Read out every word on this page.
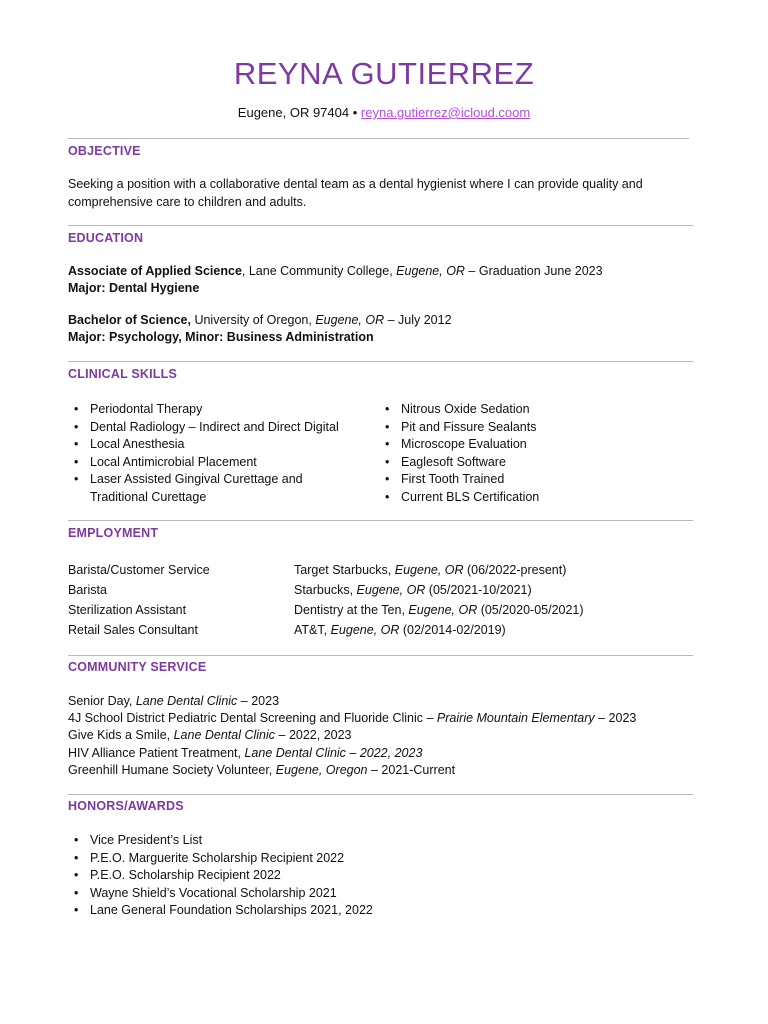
REYNA GUTIERREZ
Eugene, OR 97404 • reyna.gutierrez@icloud.coom
OBJECTIVE
Seeking a position with a collaborative dental team as a dental hygienist where I can provide quality and comprehensive care to children and adults.
EDUCATION
Associate of Applied Science, Lane Community College, Eugene, OR – Graduation June 2023
Major: Dental Hygiene
Bachelor of Science, University of Oregon, Eugene, OR – July 2012
Major: Psychology, Minor: Business Administration
CLINICAL SKILLS
• Periodontal Therapy
• Dental Radiology – Indirect and Direct Digital
• Local Anesthesia
• Local Antimicrobial Placement
• Laser Assisted Gingival Curettage and Traditional Curettage
• Nitrous Oxide Sedation
• Pit and Fissure Sealants
• Microscope Evaluation
• Eaglesoft Software
• First Tooth Trained
• Current BLS Certification
EMPLOYMENT
Barista/Customer Service	Target Starbucks, Eugene, OR (06/2022-present)
Barista	Starbucks, Eugene, OR (05/2021-10/2021)
Sterilization Assistant	Dentistry at the Ten, Eugene, OR (05/2020-05/2021)
Retail Sales Consultant	AT&T, Eugene, OR (02/2014-02/2019)
COMMUNITY SERVICE
Senior Day, Lane Dental Clinic – 2023
4J School District Pediatric Dental Screening and Fluoride Clinic – Prairie Mountain Elementary – 2023
Give Kids a Smile, Lane Dental Clinic – 2022, 2023
HIV Alliance Patient Treatment, Lane Dental Clinic – 2022, 2023
Greenhill Humane Society Volunteer, Eugene, Oregon – 2021-Current
HONORS/AWARDS
• Vice President’s List
• P.E.O. Marguerite Scholarship Recipient 2022
• P.E.O. Scholarship Recipient 2022
• Wayne Shield’s Vocational Scholarship 2021
• Lane General Foundation Scholarships 2021, 2022
